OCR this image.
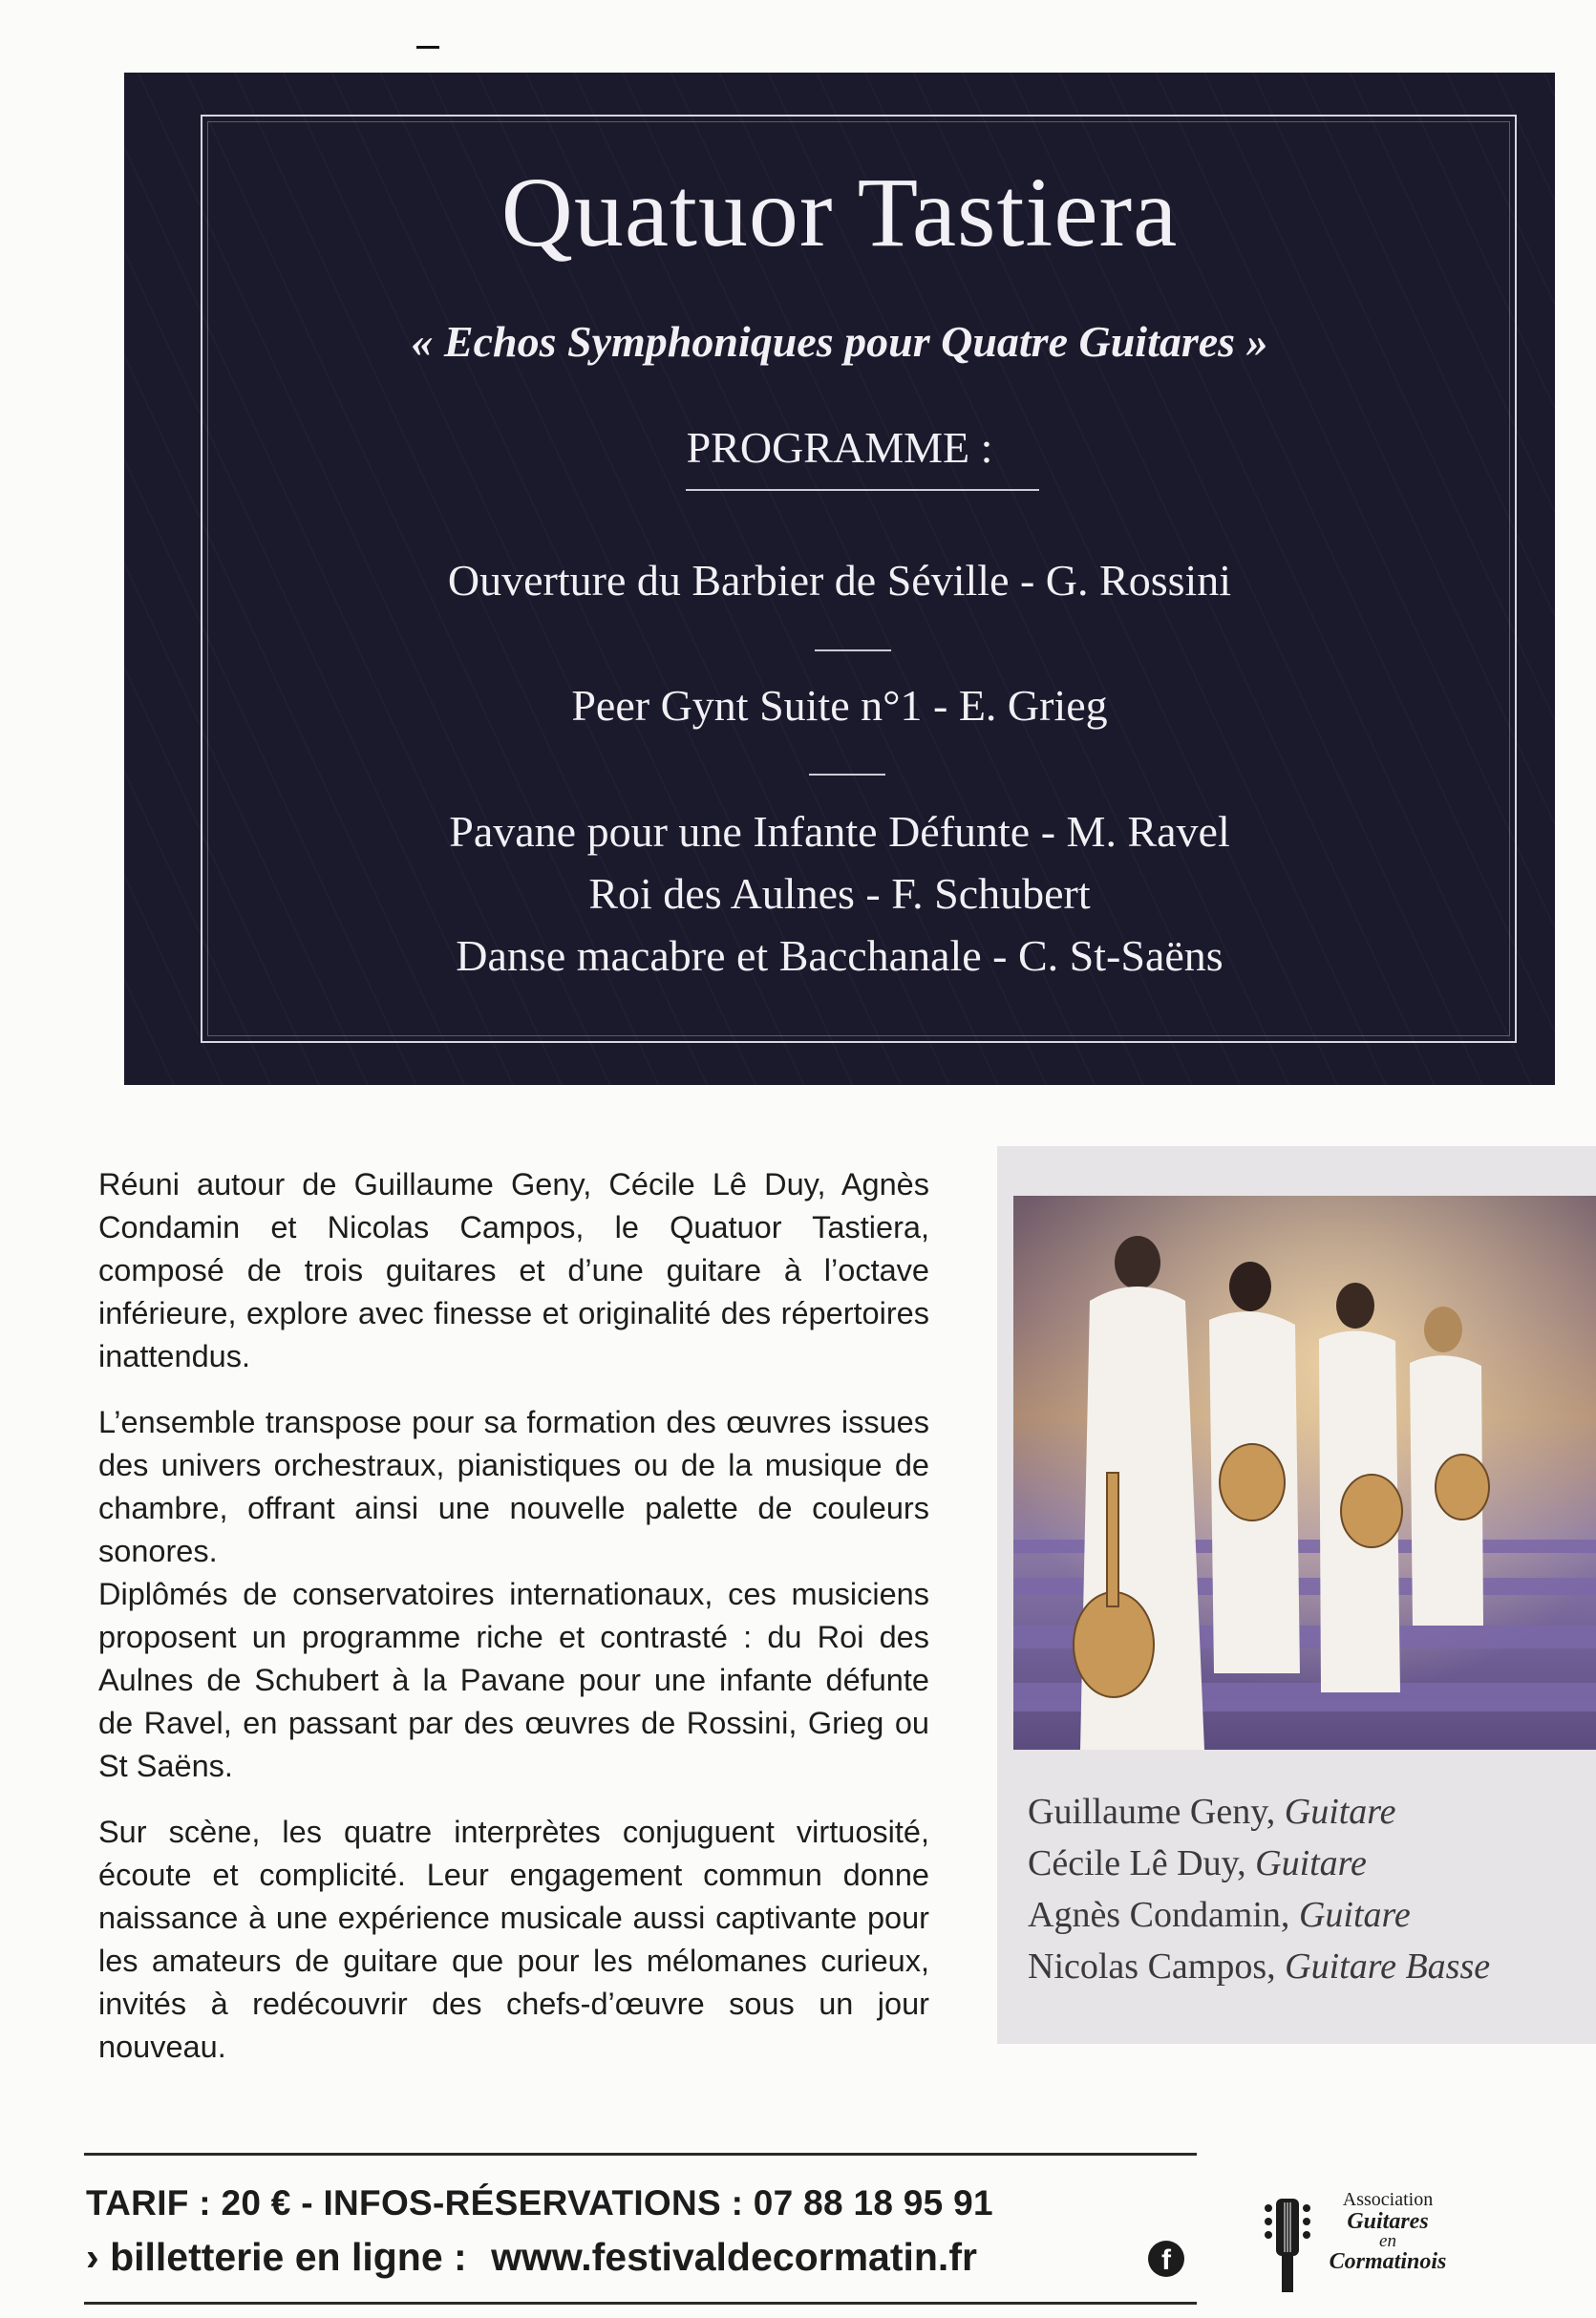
Quatuor Tastiera
« Echos Symphoniques pour Quatre Guitares »
PROGRAMME :
Ouverture du Barbier de Séville - G. Rossini
Peer Gynt Suite n°1 - E. Grieg
Pavane pour une Infante Défunte - M. Ravel
Roi des Aulnes - F. Schubert
Danse macabre et Bacchanale - C. St-Saëns

Réuni autour de Guillaume Geny, Cécile Lê Duy, Agnès Condamin et Nicolas Campos, le Quatuor Tastiera, composé de trois guitares et d’une guitare à l’octave inférieure, explore avec finesse et originalité des répertoires inattendus.

L’ensemble transpose pour sa formation des œuvres issues des univers orchestraux, pianistiques ou de la musique de chambre, offrant ainsi une nouvelle palette de couleurs sonores.

Diplômés de conservatoires internationaux, ces musiciens proposent un programme riche et contrasté : du Roi des Aulnes de Schubert à la Pavane pour une infante défunte de Ravel, en passant par des œuvres de Rossini, Grieg ou St Saëns.

Sur scène, les quatre interprètes conjuguent virtuosité, écoute et complicité. Leur engagement commun donne naissance à une expérience musicale aussi captivante pour les amateurs de guitare que pour les mélomanes curieux, invités à redécouvrir des chefs-d’œuvre sous un jour nouveau.

Guillaume Geny, Guitare
Cécile Lê Duy, Guitare
Agnès Condamin, Guitare
Nicolas Campos, Guitare Basse
TARIF : 20 € - INFOS-RÉSERVATIONS : 07 88 18 95 91
› billetterie en ligne : www.festivaldecormatin.fr	f
Association
Guitares
en
Cormatinois
